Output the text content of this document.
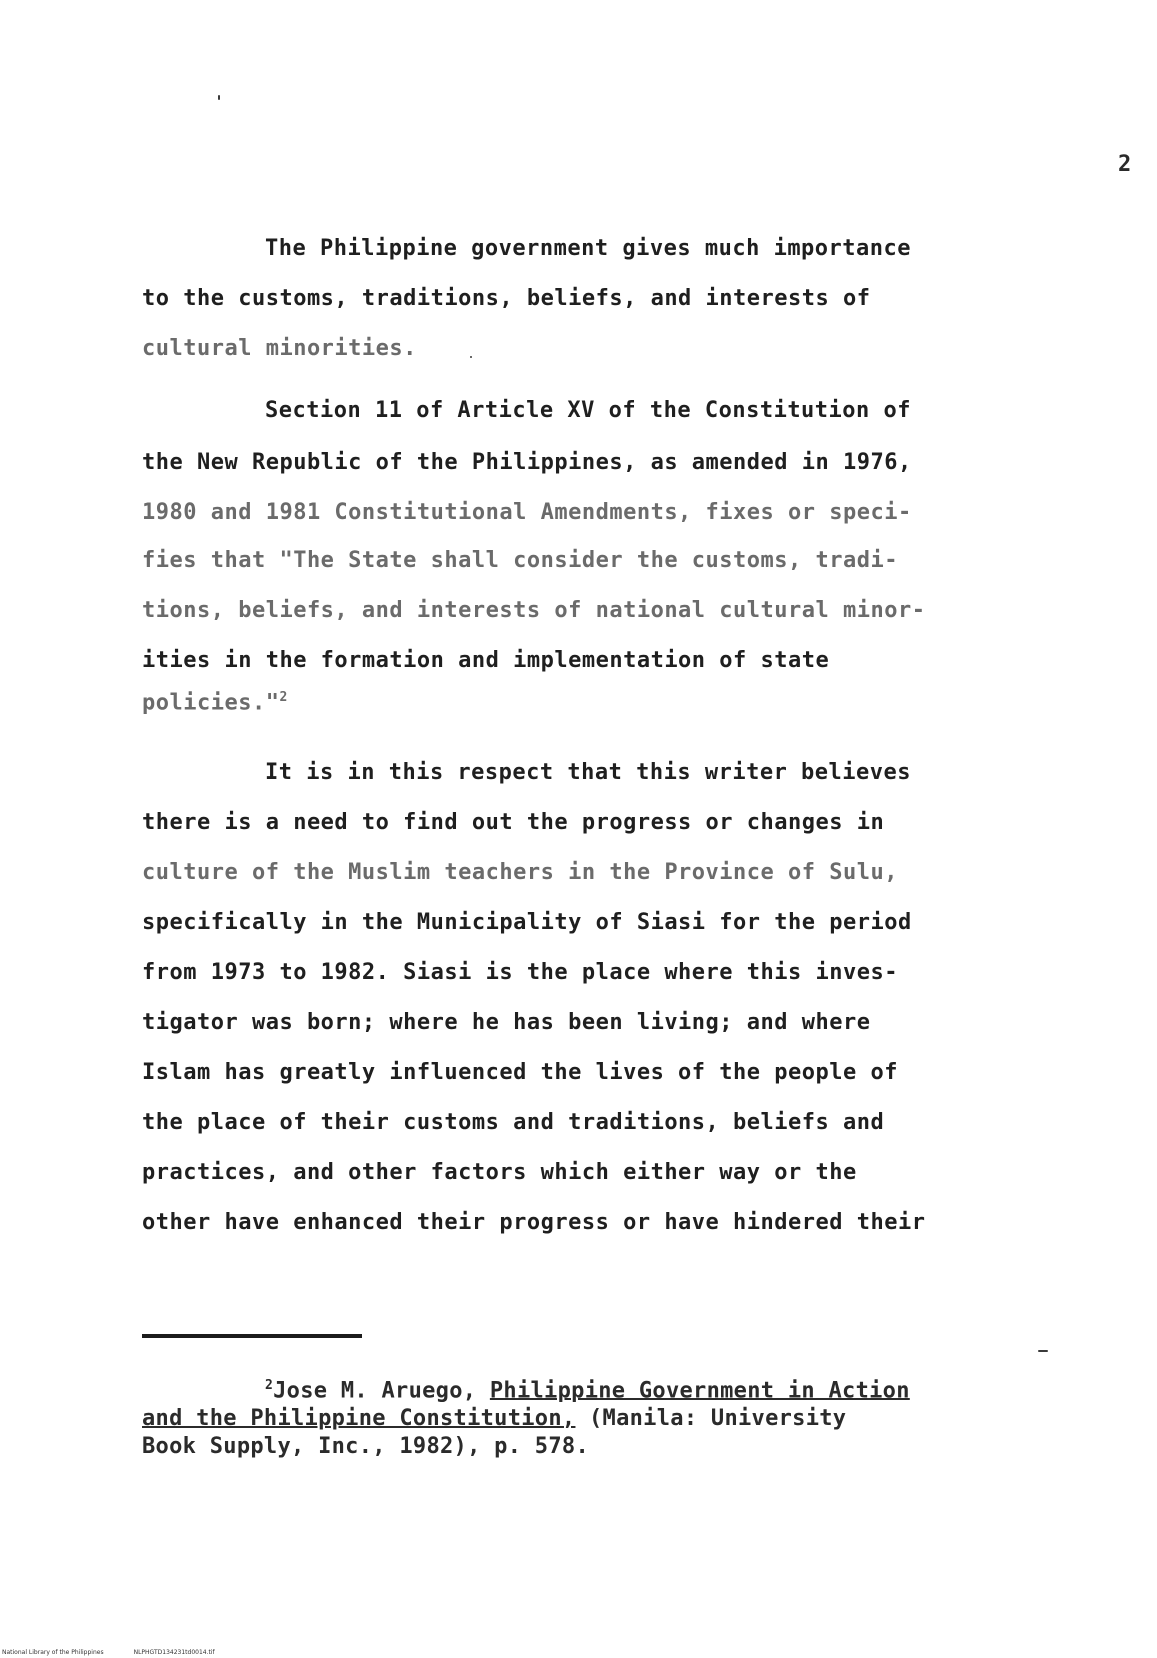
2
The Philippine government gives much importance
to the customs, traditions, beliefs, and interests of
cultural minorities.
Section 11 of Article XV of the Constitution of
the New Republic of the Philippines, as amended in 1976,
1980 and 1981 Constitutional Amendments, fixes or speci-
fies that "The State shall consider the customs, tradi-
tions, beliefs, and interests of national cultural minor-
ities in the formation and implementation of state
policies."$^2$
It is in this respect that this writer believes
there is a need to find out the progress or changes in
culture of the Muslim teachers in the Province of Sulu,
specifically in the Municipality of Siasi for the period
from 1973 to 1982. Siasi is the place where this inves-
tigator was born; where he has been living; and where
Islam has greatly influenced the lives of the people of
the place of their customs and traditions, beliefs and
practices, and other factors which either way or the
other have enhanced their progress or have hindered their
$^2$Jose M. Aruego, Philippine Government in Action
and the Philippine Constitution, (Manila: University
Book Supply, Inc., 1982), p. 578.
National Library of the Philippines	NLPHGTD134231td0014.tif
